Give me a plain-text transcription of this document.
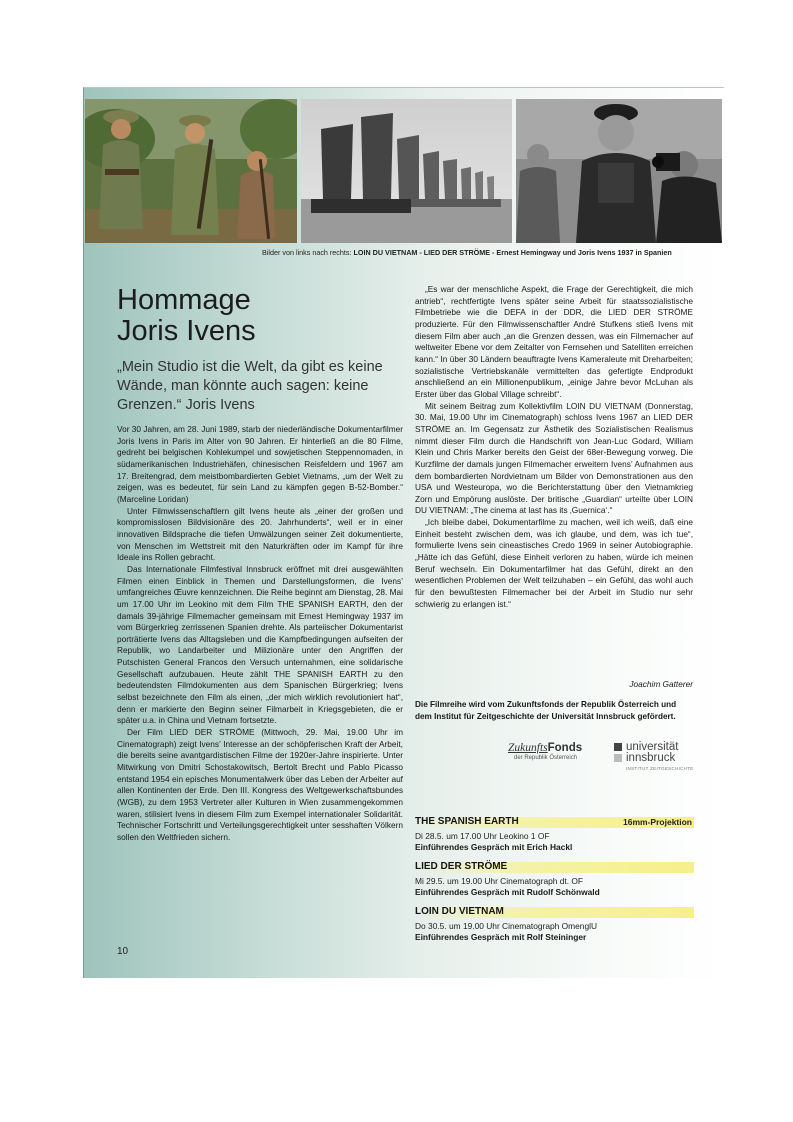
Bilder von links nach rechts: LOIN DU VIETNAM - LIED DER STRÖME - Ernest Hemingway und Joris Ivens 1937 in Spanien
Hommage
Joris Ivens

„Mein Studio ist die Welt, da gibt es keine Wände, man könnte auch sagen: keine Grenzen.“ Joris Ivens

Vor 30 Jahren, am 28. Juni 1989, starb der niederländische Dokumentarfilmer Joris Ivens in Paris im Alter von 90 Jahren. Er hinterließ an die 80 Filme, gedreht bei belgischen Kohlekumpel und sowjetischen Steppennomaden, in südamerikanischen Industriehäfen, chinesischen Reisfeldern und 1967 am 17. Breitengrad, dem meistbombardierten Gebiet Vietnams, „um der Welt zu zeigen, was es bedeutet, für sein Land zu kämpfen gegen B-52-Bomber.“ (Marceline Loridan)

Unter Filmwissenschaftlern gilt Ivens heute als „einer der großen und kompromisslosen Bildvisionäre des 20. Jahrhunderts“, weil er in einer innovativen Bildsprache die tiefen Umwälzungen seiner Zeit dokumentierte, von Menschen im Wettstreit mit den Naturkräften oder im Kampf für ihre Ideale ins Rollen gebracht.

Das Internationale Filmfestival Innsbruck eröffnet mit drei ausgewählten Filmen einen Einblick in Themen und Darstellungsformen, die Ivens’ umfangreiches Œuvre kennzeichnen. Die Reihe beginnt am Dienstag, 28. Mai um 17.00 Uhr im Leokino mit dem Film THE SPANISH EARTH, den der damals 39-jährige Filmemacher gemeinsam mit Ernest Hemingway 1937 im vom Bürgerkrieg zerrissenen Spanien drehte. Als parteiischer Dokumentarist porträtierte Ivens das Alltagsleben und die Kampfbedingungen aufseiten der Republik, wo Landarbeiter und Milizionäre unter den Angriffen der Putschisten General Francos den Versuch unternahmen, eine solidarische Gesellschaft aufzubauen. Heute zählt THE SPANISH EARTH zu den bedeutendsten Filmdokumenten aus dem Spanischen Bürgerkrieg; Ivens selbst bezeichnete den Film als einen, „der mich wirklich revolutioniert hat“, denn er markierte den Beginn seiner Filmarbeit in Kriegsgebieten, die er später u.a. in China und Vietnam fortsetzte.

Der Film LIED DER STRÖME (Mittwoch, 29. Mai, 19.00 Uhr im Cinematograph) zeigt Ivens’ Interesse an der schöpferischen Kraft der Arbeit, die bereits seine avantgardistischen Filme der 1920er-Jahre inspirierte. Unter Mitwirkung von Dmitri Schostakowitsch, Bertolt Brecht und Pablo Picasso entstand 1954 ein episches Monumentalwerk über das Leben der Arbeiter auf allen Kontinenten der Erde. Den III. Kongress des Weltgewerkschaftsbundes (WGB), zu dem 1953 Vertreter aller Kulturen in Wien zusammengekommen waren, stilisiert Ivens in diesem Film zum Exempel internationaler Solidarität. Technischer Fortschritt und Verteilungsgerechtigkeit unter sesshaften Völkern sollen den Weltfrieden sichern.

„Es war der menschliche Aspekt, die Frage der Gerechtigkeit, die mich antrieb“, rechtfertigte Ivens später seine Arbeit für staatssozialistische Filmbetriebe wie die DEFA in der DDR, die LIED DER STRÖME produzierte. Für den Filmwissenschaftler André Stufkens stieß Ivens mit diesem Film aber auch „an die Grenzen dessen, was ein Filmemacher auf weltweiter Ebene vor dem Zeitalter von Fernsehen und Satelliten erreichen kann.“ In über 30 Ländern beauftragte Ivens Kameraleute mit Dreharbeiten; sozialistische Vertriebskanäle vermittelten das gefertigte Endprodukt anschließend an ein Millionenpublikum, „einige Jahre bevor McLuhan als Erster über das Global Village schreibt“.

Mit seinem Beitrag zum Kollektivfilm LOIN DU VIETNAM (Donnerstag, 30. Mai, 19.00 Uhr im Cinematograph) schloss Ivens 1967 an LIED DER STRÖME an. Im Gegensatz zur Ästhetik des Sozialistischen Realismus nimmt dieser Film durch die Handschrift von Jean-Luc Godard, William Klein und Chris Marker bereits den Geist der 68er-Bewegung vorweg. Die Kurzfilme der damals jungen Filmemacher erweitern Ivens’ Aufnahmen aus dem bombardierten Nordvietnam um Bilder von Demonstrationen aus den USA und Westeuropa, wo die Berichterstattung über den Vietnamkrieg Zorn und Empörung auslöste. Der britische „Guardian“ urteilte über LOIN DU VIETNAM: „The cinema at last has its ‚Guernica‘.“

„Ich bleibe dabei, Dokumentarfilme zu machen, weil ich weiß, daß eine Einheit besteht zwischen dem, was ich glaube, und dem, was ich tue“, formulierte Ivens sein cineastisches Credo 1969 in seiner Autobiographie. „Hätte ich das Gefühl, diese Einheit verloren zu haben, würde ich meinen Beruf wechseln. Ein Dokumentarfilmer hat das Gefühl, direkt an den wesentlichen Problemen der Welt teilzuhaben – ein Gefühl, das wohl auch für den bewußtesten Filmemacher bei der Arbeit im Studio nur sehr schwierig zu erlangen ist.“

Joachim Gatterer
Die Filmreihe wird vom Zukunftsfonds der Republik Österreich und dem Institut für Zeitgeschichte der Universität Innsbruck gefördert.
ZukunftsFonds
der Republik Österreich
universität
innsbruck
INSTITUT ZEITGESCHICHTE
10
THE SPANISH EARTH	16mm-Projektion
Di 28.5. um 17.00 Uhr Leokino 1 OF
Einführendes Gespräch mit Erich Hackl
LIED DER STRÖME
Mi 29.5. um 19.00 Uhr Cinematograph dt. OF
Einführendes Gespräch mit Rudolf Schönwald
LOIN DU VIETNAM
Do 30.5. um 19.00 Uhr Cinematograph OmenglU
Einführendes Gespräch mit Rolf Steininger
